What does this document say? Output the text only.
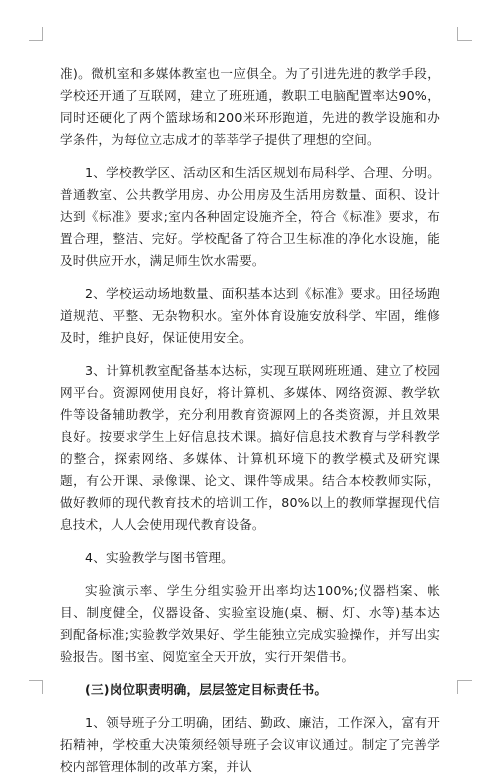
准)。微机室和多媒体教室也一应俱全。为了引进先进的教学手段，学校还开通了互联网，建立了班班通，教职工电脑配置率达90%，同时还硬化了两个篮球场和200米环形跑道，先进的教学设施和办学条件，为每位立志成才的莘莘学子提供了理想的空间。

1、学校教学区、活动区和生活区规划布局科学、合理、分明。普通教室、公共教学用房、办公用房及生活用房数量、面积、设计达到《标准》要求;室内各种固定设施齐全，符合《标准》要求，布置合理，整洁、完好。学校配备了符合卫生标准的净化水设施，能及时供应开水，满足师生饮水需要。

2、学校运动场地数量、面积基本达到《标准》要求。田径场跑道规范、平整、无杂物积水。室外体育设施安放科学、牢固，维修及时，维护良好，保证使用安全。

3、计算机教室配备基本达标，实现互联网班班通、建立了校园网平台。资源网使用良好，将计算机、多媒体、网络资源、教学软件等设备辅助教学，充分利用教育资源网上的各类资源，并且效果良好。按要求学生上好信息技术课。搞好信息技术教育与学科教学的整合，探索网络、多媒体、计算机环境下的教学模式及研究课题，有公开课、录像课、论文、课件等成果。结合本校教师实际，做好教师的现代教育技术的培训工作，80%以上的教师掌握现代信息技术，人人会使用现代教育设备。

4、实验教学与图书管理。

实验演示率、学生分组实验开出率均达100%;仪器档案、帐目、制度健全，仪器设备、实验室设施(桌、橱、灯、水等)基本达到配备标准;实验教学效果好、学生能独立完成实验操作，并写出实验报告。图书室、阅览室全天开放，实行开架借书。

(三)岗位职责明确，层层签定目标责任书。

1、领导班子分工明确，团结、勤政、廉洁，工作深入，富有开拓精神，学校重大决策须经领导班子会议审议通过。制定了完善学校内部管理体制的改革方案，并认
